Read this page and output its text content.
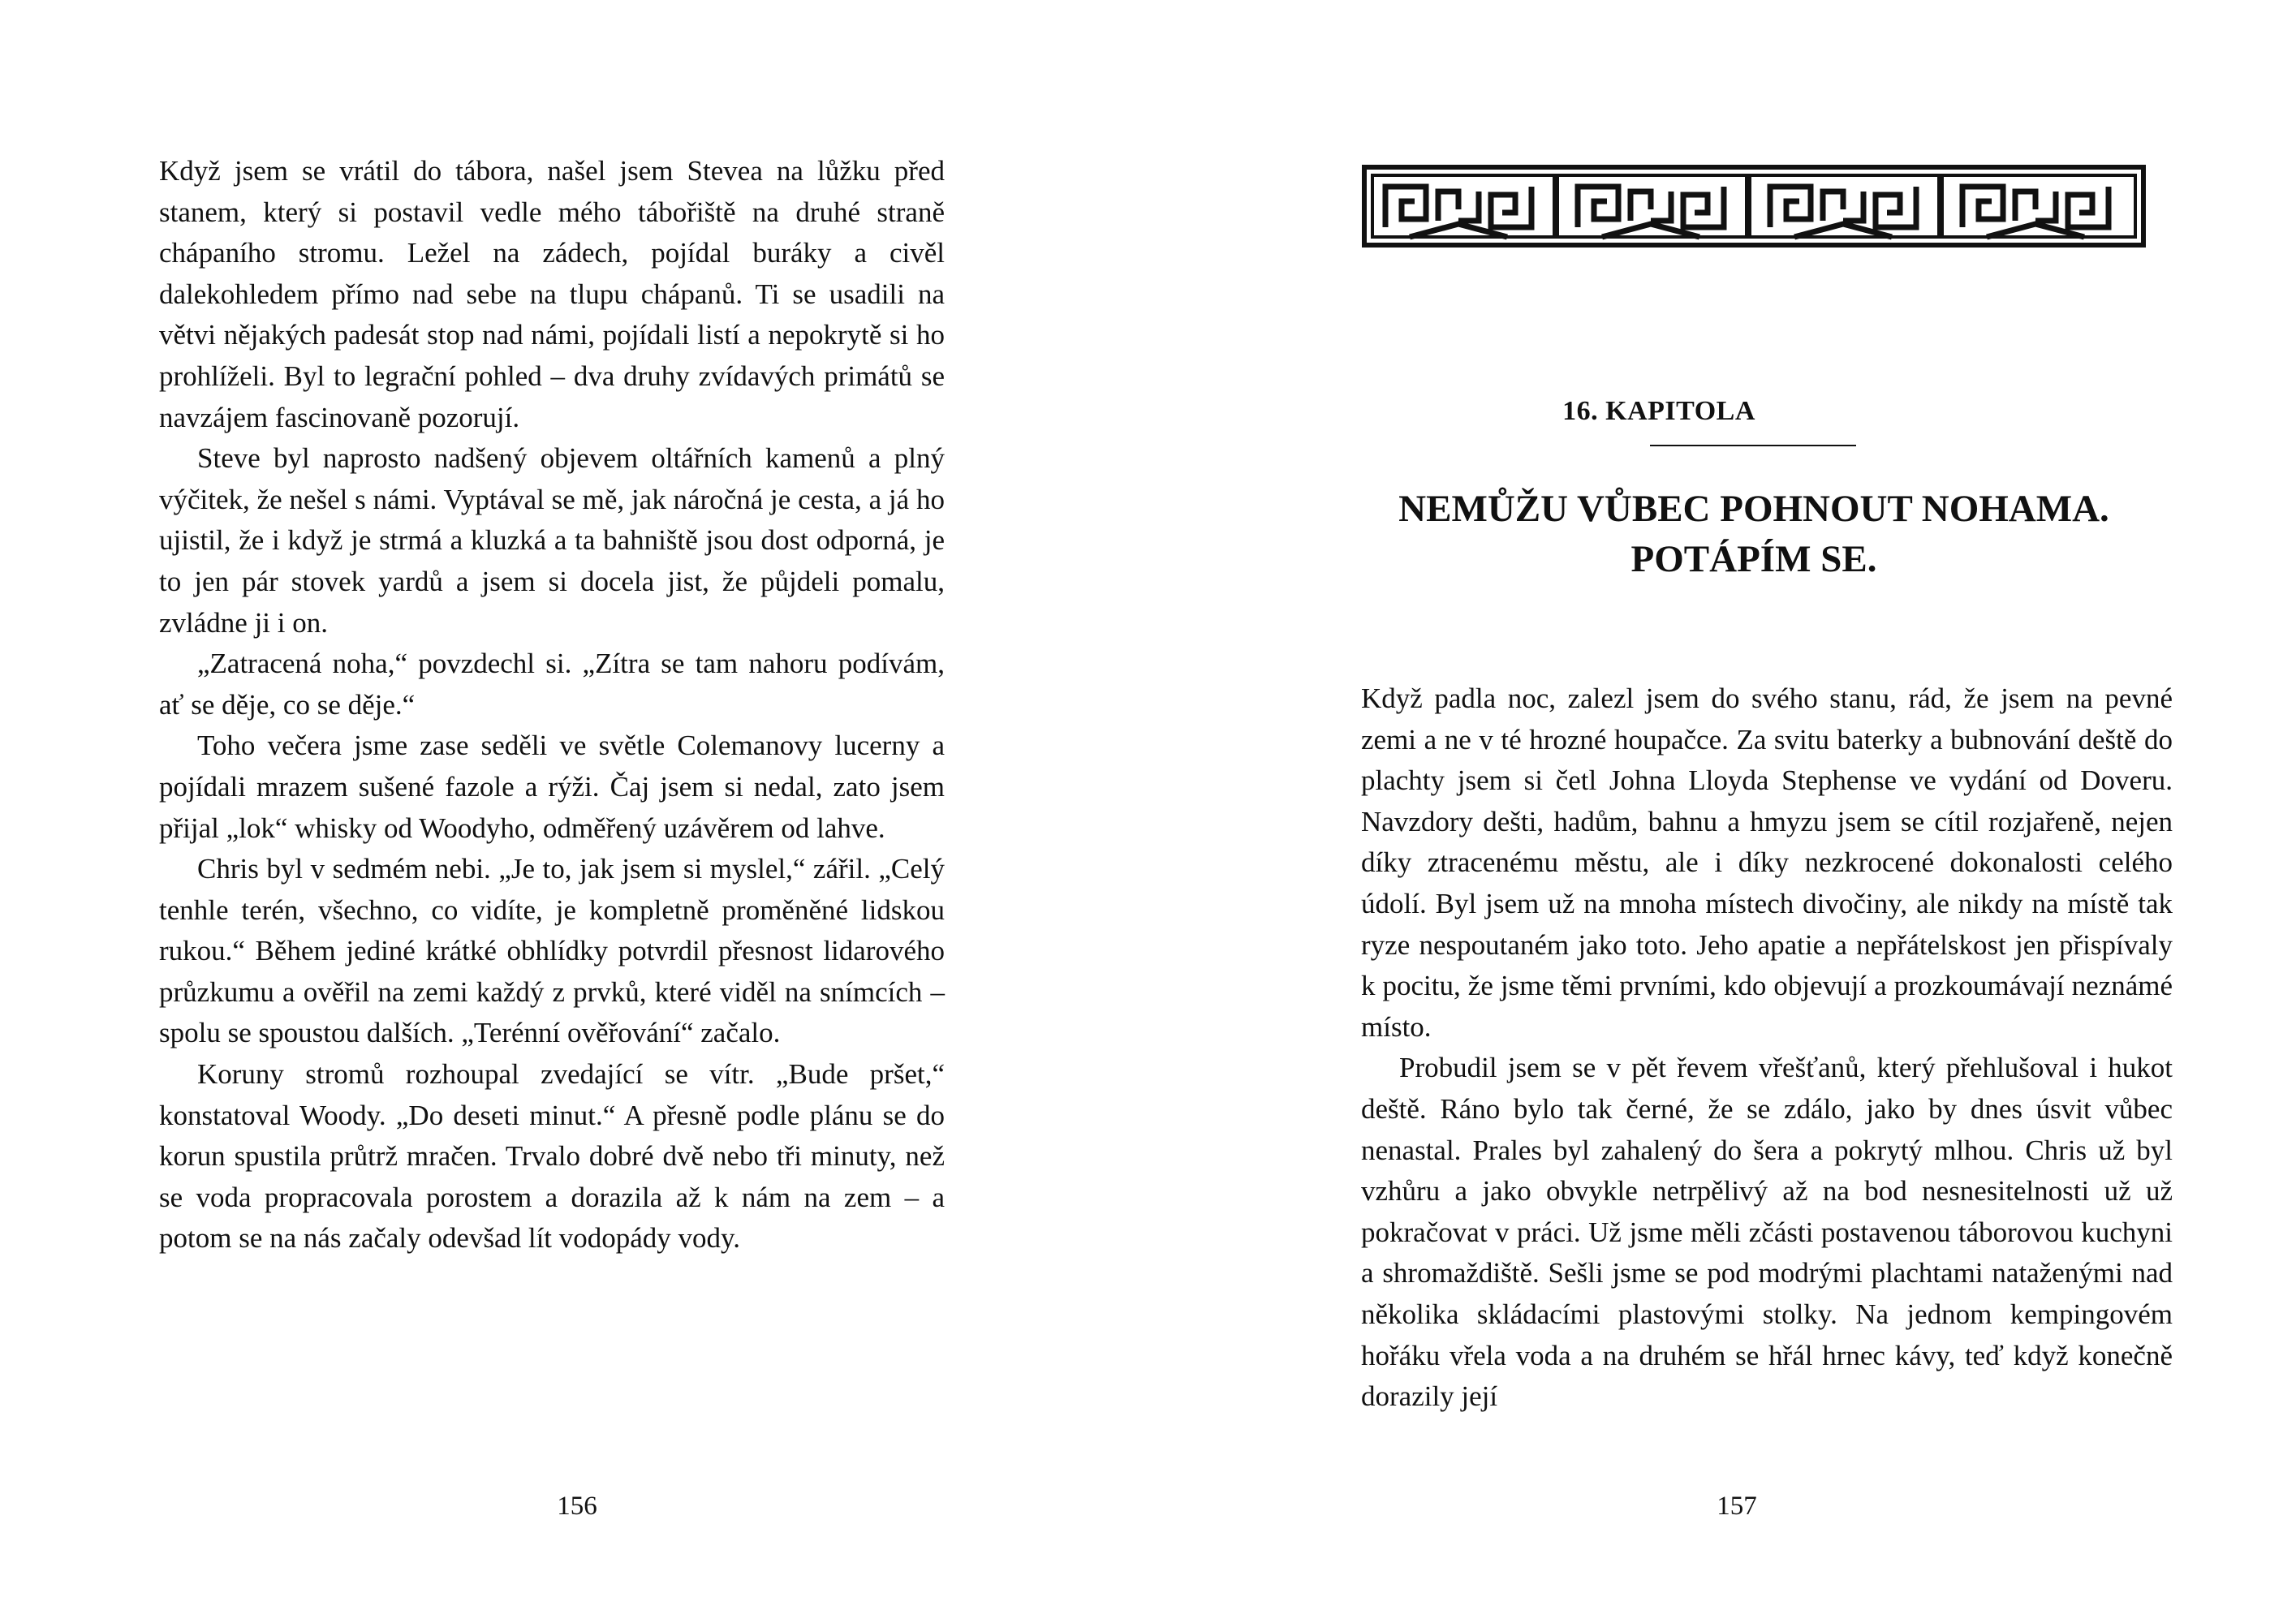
Když jsem se vrátil do tábora, našel jsem Stevea na lůžku před stanem, který si postavil vedle mého tábořiště na druhé straně chápaního stromu. Ležel na zádech, pojídal buráky a civěl dalekohledem přímo nad sebe na tlupu chápanů. Ti se usadili na větvi nějakých padesát stop nad námi, pojídali listí a nepokrytě si ho prohlíželi. Byl to legrační pohled – dva druhy zvídavých primátů se navzájem fascinovaně pozorují.

Steve byl naprosto nadšený objevem oltářních kamenů a plný výčitek, že nešel s námi. Vyptával se mě, jak náročná je cesta, a já ho ujistil, že i když je strmá a kluzká a ta bahniště jsou dost odporná, je to jen pár stovek yardů a jsem si docela jist, že půjdeli pomalu, zvládne ji i on.

„Zatracená noha,“ povzdechl si. „Zítra se tam nahoru podívám, ať se děje, co se děje.“

Toho večera jsme zase seděli ve světle Colemanovy lucerny a pojídali mrazem sušené fazole a rýži. Čaj jsem si nedal, zato jsem přijal „lok“ whisky od Woodyho, odměřený uzávěrem od lahve.

Chris byl v sedmém nebi. „Je to, jak jsem si myslel,“ zářil. „Celý tenhle terén, všechno, co vidíte, je kompletně proměněné lidskou rukou.“ Během jediné krátké obhlídky potvrdil přesnost lidarového průzkumu a ověřil na zemi každý z prvků, které viděl na snímcích – spolu se spoustou dalších. „Terénní ověřování“ začalo.

Koruny stromů rozhoupal zvedající se vítr. „Bude pršet,“ konstatoval Woody. „Do deseti minut.“ A přesně podle plánu se do korun spustila průtrž mračen. Trvalo dobré dvě nebo tři minuty, než se voda propracovala porostem a dorazila až k nám na zem – a potom se na nás začaly odevšad lít vodopády vody.

156
16. KAPITOLA
NEMŮŽU VŮBEC POHNOUT NOHAMA.
POTÁPÍM SE.

Když padla noc, zalezl jsem do svého stanu, rád, že jsem na pevné zemi a ne v té hrozné houpačce. Za svitu baterky a bubnování deště do plachty jsem si četl Johna Lloyda Stephense ve vydání od Doveru. Navzdory dešti, hadům, bahnu a hmyzu jsem se cítil rozjařeně, nejen díky ztracenému městu, ale i díky nezkrocené dokonalosti celého údolí. Byl jsem už na mnoha místech divočiny, ale nikdy na místě tak ryze nespoutaném jako toto. Jeho apatie a nepřátelskost jen přispívaly k pocitu, že jsme těmi prvními, kdo objevují a prozkoumávají neznámé místo.

Probudil jsem se v pět řevem vřešťanů, který přehlušoval i hukot deště. Ráno bylo tak černé, že se zdálo, jako by dnes úsvit vůbec nenastal. Prales byl zahalený do šera a pokrytý mlhou. Chris už byl vzhůru a jako obvykle netrpělivý až na bod nesnesitelnosti už už pokračovat v práci. Už jsme měli zčásti postavenou táborovou kuchyni a shromaždiště. Sešli jsme se pod modrými plachtami nataženými nad několika skládacími plastovými stolky. Na jednom kempingovém hořáku vřela voda a na druhém se hřál hrnec kávy, teď když konečně dorazily její

157
